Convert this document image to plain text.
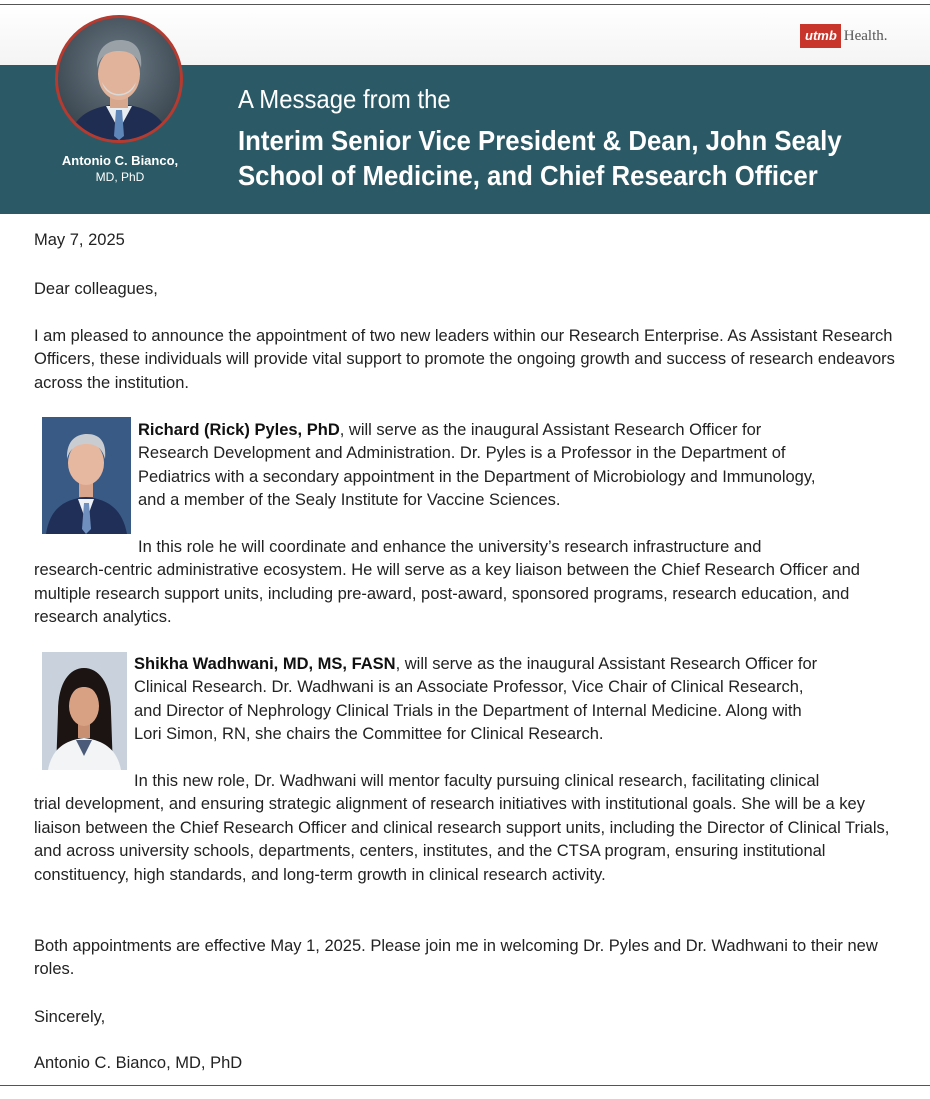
utmb Health.
Antonio C. Bianco,
MD, PhD
A Message from the
Interim Senior Vice President & Dean, John Sealy
School of Medicine, and Chief Research Officer
May 7, 2025
Dear colleagues,
I am pleased to announce the appointment of two new leaders within our Research Enterprise. As Assistant Research Officers, these individuals will provide vital support to promote the ongoing growth and success of research endeavors across the institution.
Richard (Rick) Pyles, PhD, will serve as the inaugural Assistant Research Officer for
Research Development and Administration. Dr. Pyles is a Professor in the Department of
Pediatrics with a secondary appointment in the Department of Microbiology and Immunology,
and a member of the Sealy Institute for Vaccine Sciences.
In this role he will coordinate and enhance the university’s research infrastructure and
research-centric administrative ecosystem. He will serve as a key liaison between the Chief Research Officer and multiple research support units, including pre-award, post-award, sponsored programs, research education, and research analytics.
Shikha Wadhwani, MD, MS, FASN, will serve as the inaugural Assistant Research Officer for
Clinical Research. Dr. Wadhwani is an Associate Professor, Vice Chair of Clinical Research,
and Director of Nephrology Clinical Trials in the Department of Internal Medicine. Along with
Lori Simon, RN, she chairs the Committee for Clinical Research.
In this new role, Dr. Wadhwani will mentor faculty pursuing clinical research, facilitating clinical
trial development, and ensuring strategic alignment of research initiatives with institutional goals. She will be a key liaison between the Chief Research Officer and clinical research support units, including the Director of Clinical Trials, and across university schools, departments, centers, institutes, and the CTSA program, ensuring institutional constituency, high standards, and long-term growth in clinical research activity.
Both appointments are effective May 1, 2025. Please join me in welcoming Dr. Pyles and Dr. Wadhwani to their new roles.
Sincerely,
Antonio C. Bianco, MD, PhD
